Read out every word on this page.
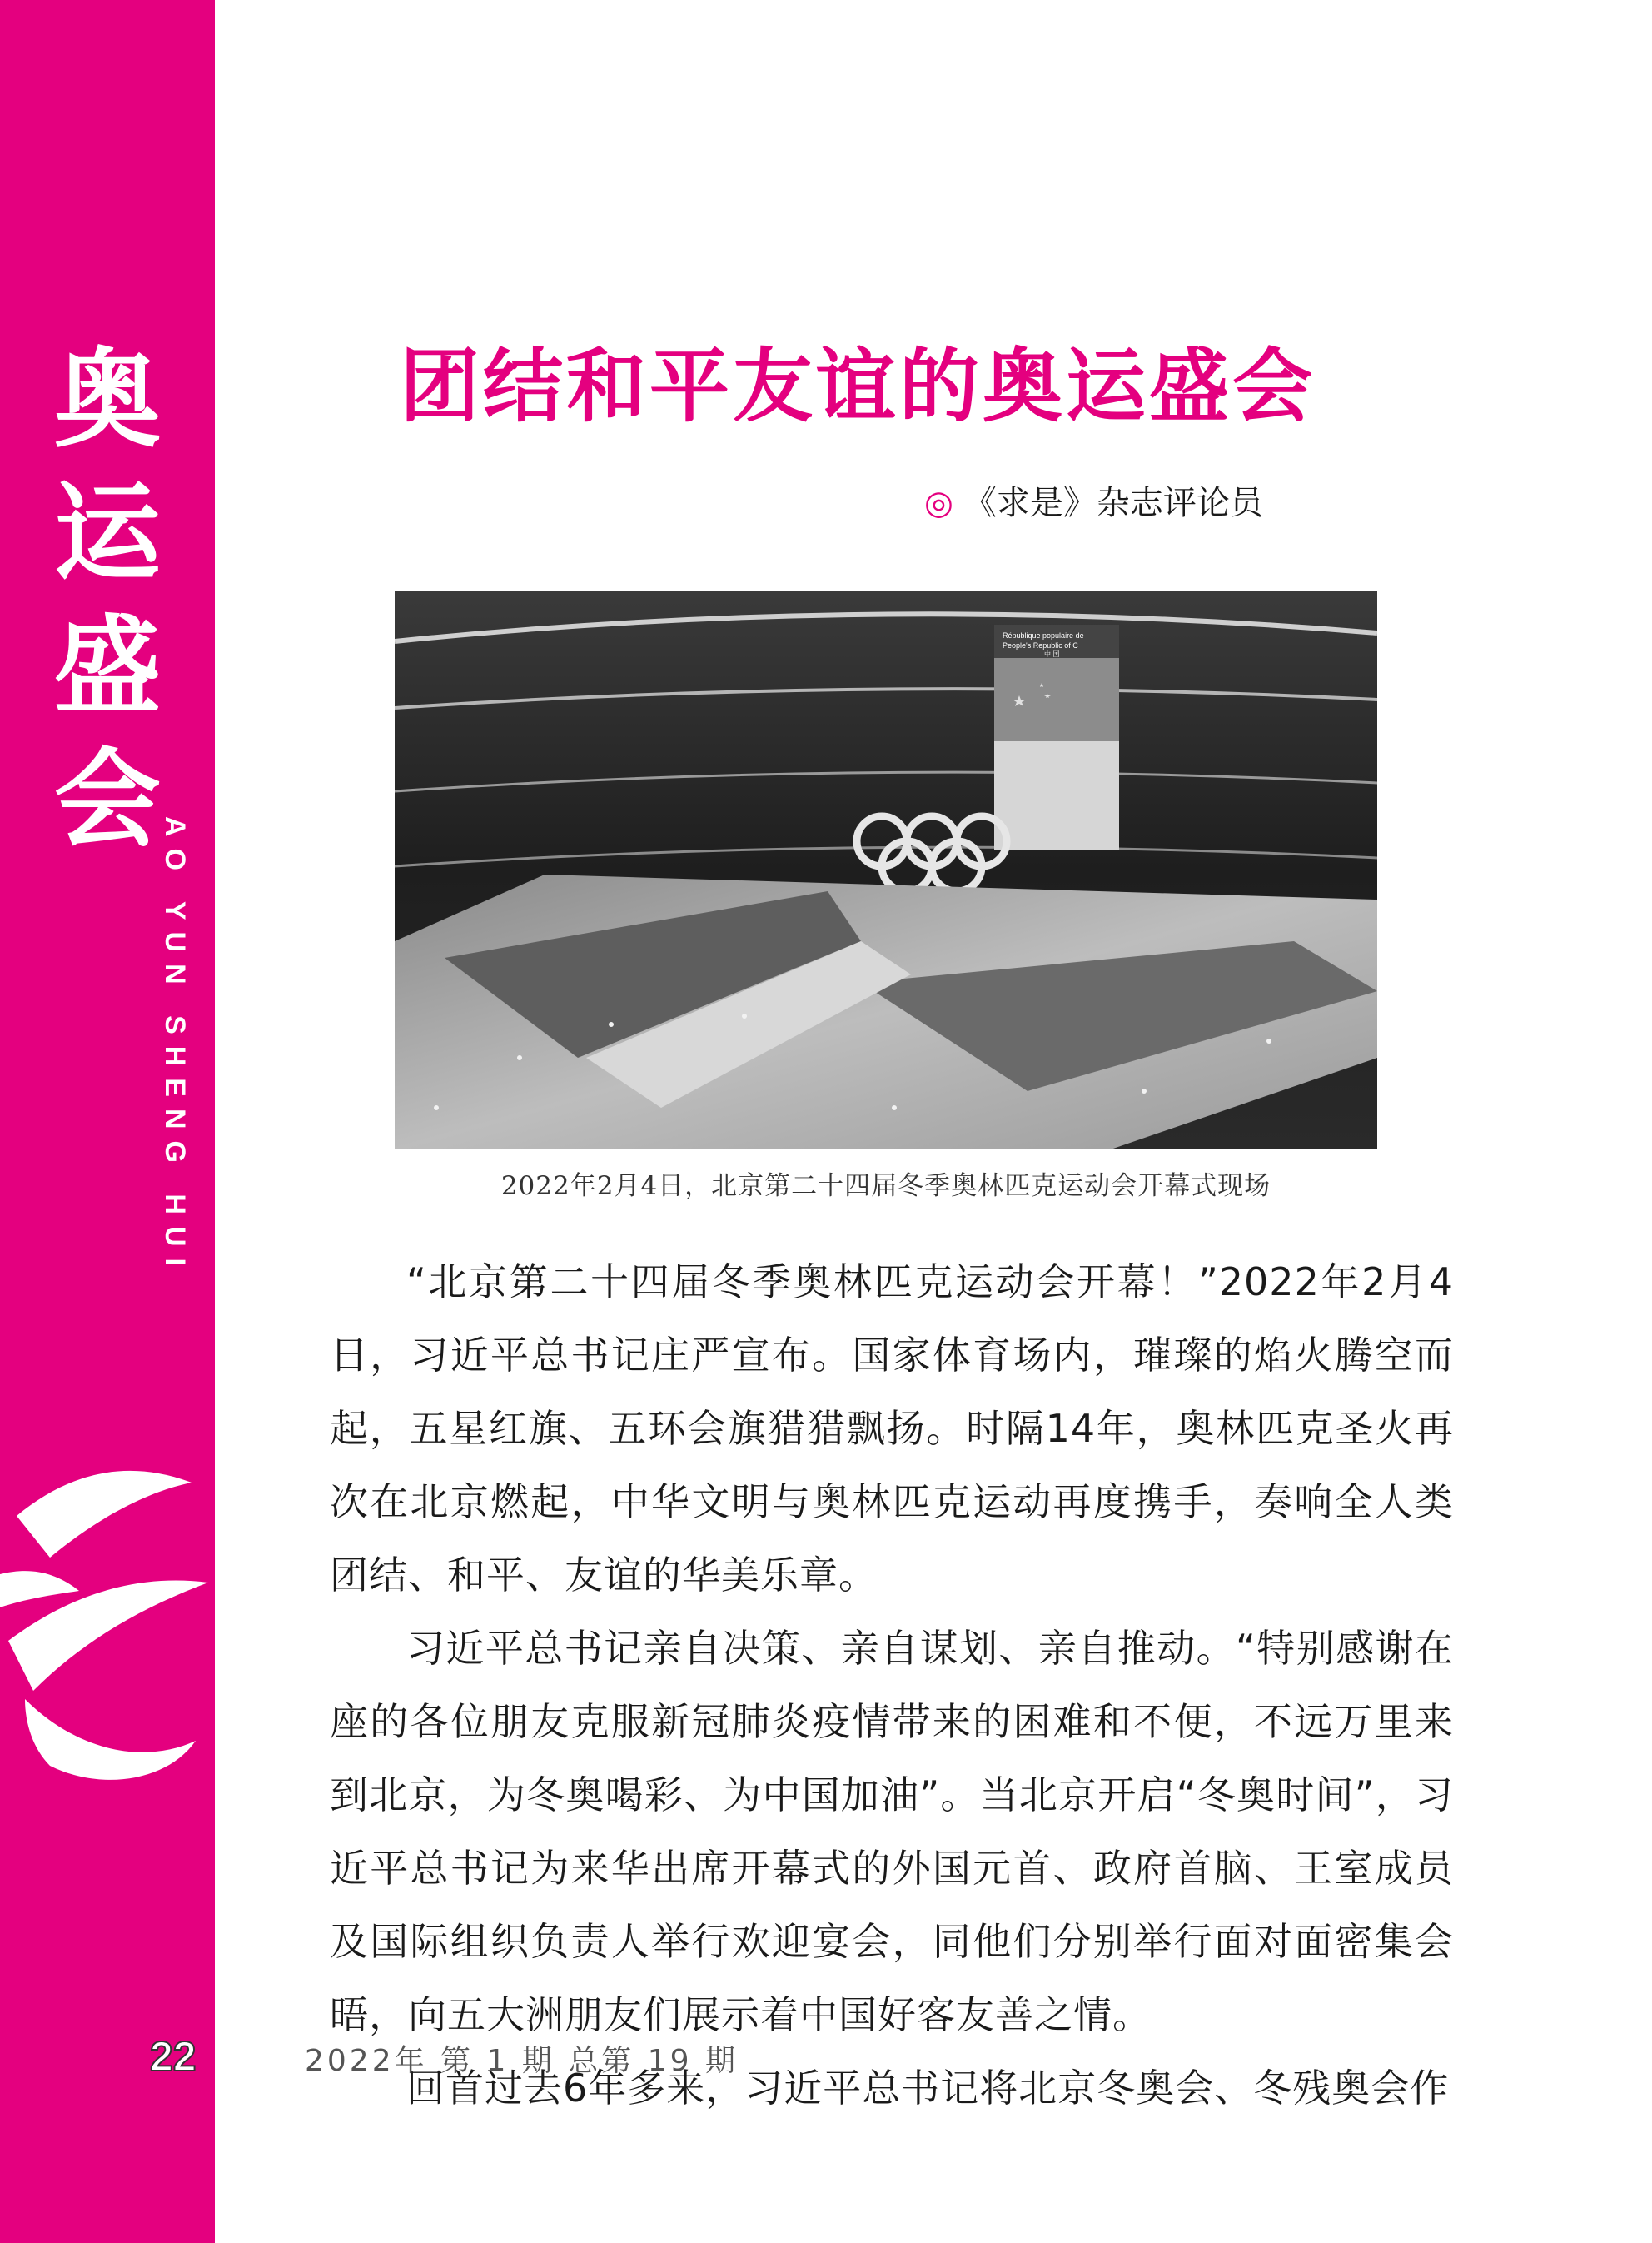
奥
运
盛
会
AO YUN SHENG HUI
22
团结和平友谊的奥运盛会
◎ 《求是》杂志评论员
République populaire de
People's Republic of C
中 国
2022年2月4日，北京第二十四届冬季奥林匹克运动会开幕式现场

“北京第二十四届冬季奥林匹克运动会开幕！”2022年2月4日，习近平总书记庄严宣布。国家体育场内，璀璨的焰火腾空而起，五星红旗、五环会旗猎猎飘扬。时隔14年，奥林匹克圣火再次在北京燃起，中华文明与奥林匹克运动再度携手，奏响全人类团结、和平、友谊的华美乐章。

习近平总书记亲自决策、亲自谋划、亲自推动。“特别感谢在座的各位朋友克服新冠肺炎疫情带来的困难和不便，不远万里来到北京，为冬奥喝彩、为中国加油”。当北京开启“冬奥时间”，习近平总书记为来华出席开幕式的外国元首、政府首脑、王室成员及国际组织负责人举行欢迎宴会，同他们分别举行面对面密集会晤，向五大洲朋友们展示着中国好客友善之情。

回首过去6年多来，习近平总书记将北京冬奥会、冬残奥会作

2022年 第 1 期 总第 19 期
